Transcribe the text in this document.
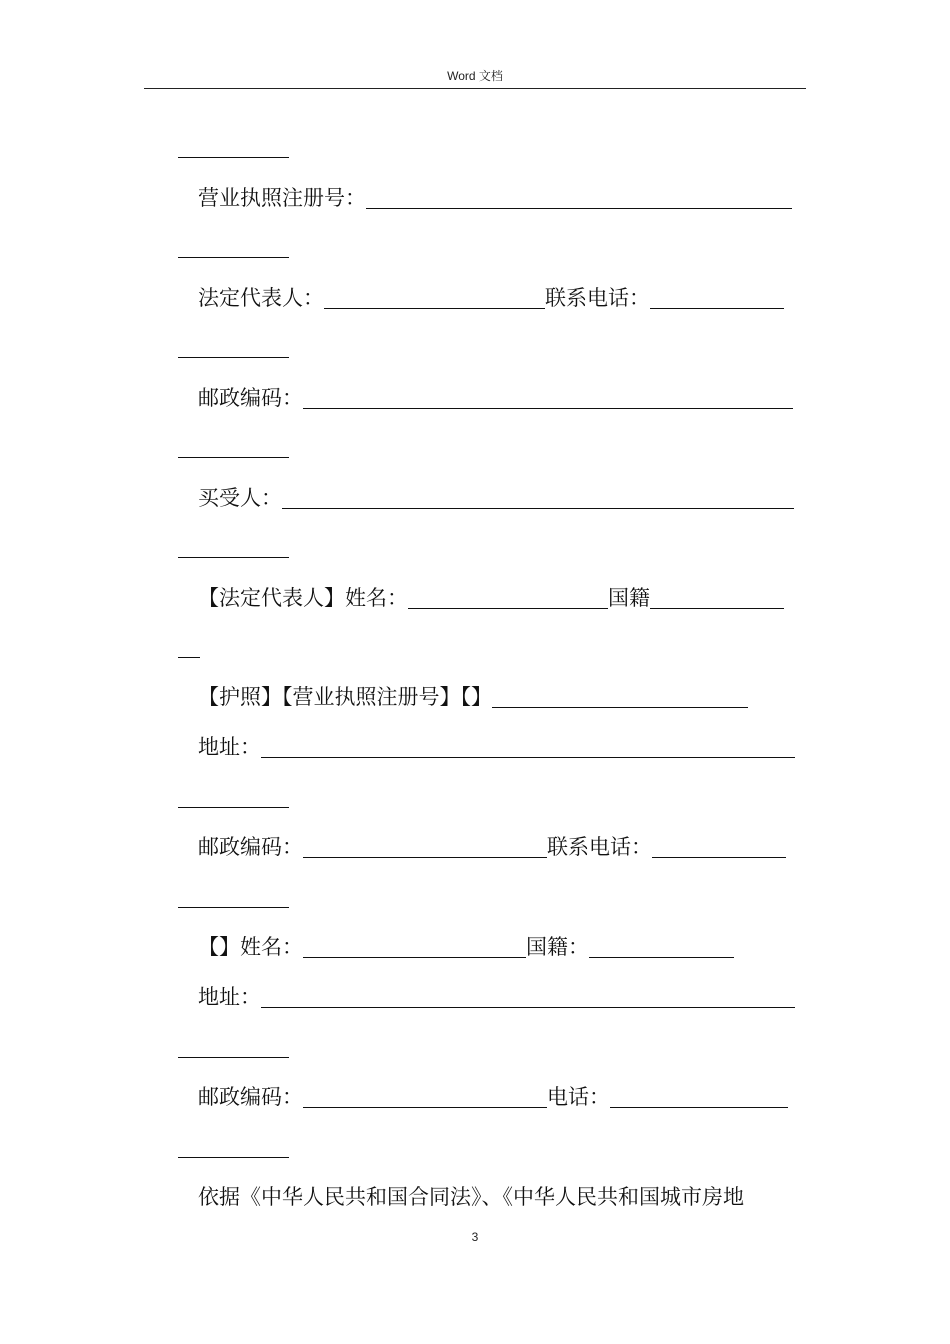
Word 文档
营业执照注册号：
法定代表人：	联系电话：
邮政编码：
买受人：
【法定代表人】姓名：	国籍
【护照】【营业执照注册号】【】
地址：
邮政编码：	联系电话：
【】姓名：	国籍：
地址：
邮政编码：	电话：
依据《中华人民共和国合同法》、《中华人民共和国城市房地
3
